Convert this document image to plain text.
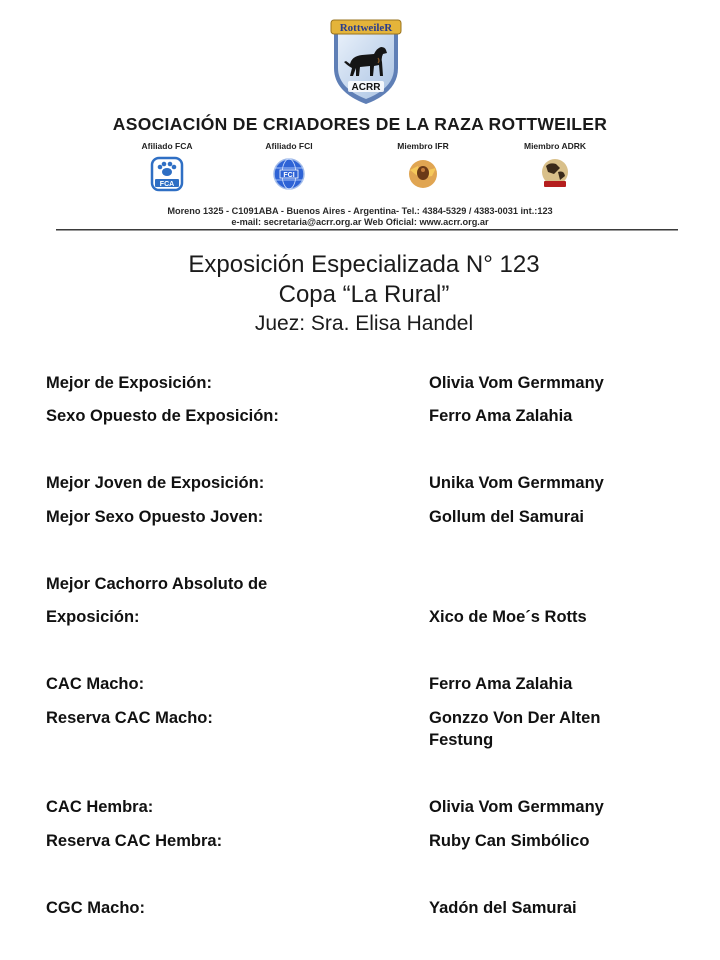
RottweileR
ACRR
ASOCIACIÓN DE CRIADORES DE LA RAZA ROTTWEILER
Afiliado FCA
FCA
Afiliado FCI
FCI
Miembro IFR	Miembro ADRK
Moreno 1325 - C1091ABA - Buenos Aires - Argentina- Tel.: 4384-5329 / 4383-0031 int.:123
e-mail: secretaria@acrr.org.ar Web Oficial: www.acrr.org.ar
Exposición Especializada N° 123
Copa “La Rural”
Juez: Sra. Elisa Handel
Mejor de Exposición:	Olivia Vom Germmany
Sexo Opuesto de Exposición:	Ferro Ama Zalahia
Mejor Joven de Exposición:	Unika Vom Germmany
Mejor Sexo Opuesto Joven:	Gollum del Samurai
Mejor Cachorro Absoluto de
Exposición:	Xico de Moe´s Rotts
CAC Macho:	Ferro Ama Zalahia
Reserva CAC Macho:	Gonzzo Von Der Alten
Festung
CAC Hembra:	Olivia Vom Germmany
Reserva CAC Hembra:	Ruby Can Simbólico
CGC Macho:	Yadón del Samurai
